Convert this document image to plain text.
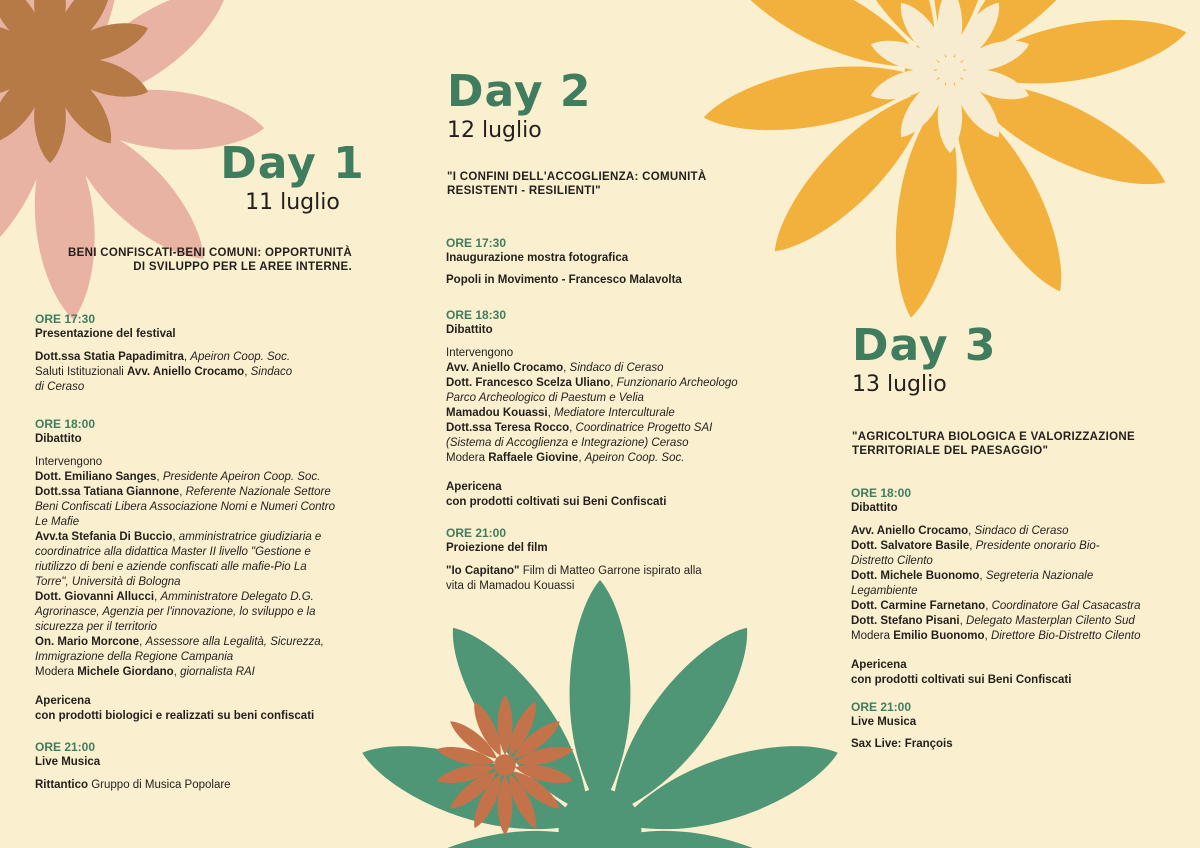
Day 1
11 luglio
BENI CONFISCATI-BENI COMUNI: OPPORTUNITÀ
DI SVILUPPO PER LE AREE INTERNE.
ORE 17:30
Presentazione del festival
Dott.ssa Statia Papadimitra, Apeiron Coop. Soc.
Saluti Istituzionali Avv. Aniello Crocamo, Sindaco
di Ceraso
ORE 18:00
Dibattito
Intervengono
Dott. Emiliano Sanges, Presidente Apeiron Coop. Soc.
Dott.ssa Tatiana Giannone, Referente Nazionale Settore
Beni Confiscati Libera Associazione Nomi e Numeri Contro
Le Mafie
Avv.ta Stefania Di Buccio, amministratrice giudiziaria e
coordinatrice alla didattica Master II livello "Gestione e
riutilizzo di beni e aziende confiscati alle mafie-Pio La
Torre", Università di Bologna
Dott. Giovanni Allucci, Amministratore Delegato D.G.
Agrorinasce, Agenzia per l'innovazione, lo sviluppo e la
sicurezza per il territorio
On. Mario Morcone, Assessore alla Legalità, Sicurezza,
Immigrazione della Regione Campania
Modera Michele Giordano, giornalista RAI
Apericena
con prodotti biologici e realizzati su beni confiscati
ORE 21:00
Live Musica
Rittantico Gruppo di Musica Popolare
Day 2
12 luglio
"I CONFINI DELL'ACCOGLIENZA: COMUNITÀ
RESISTENTI - RESILIENTI"
ORE 17:30
Inaugurazione mostra fotografica
Popoli in Movimento - Francesco Malavolta
ORE 18:30
Dibattito
Intervengono
Avv. Aniello Crocamo, Sindaco di Ceraso
Dott. Francesco Scelza Uliano, Funzionario Archeologo
Parco Archeologico di Paestum e Velia
Mamadou Kouassi, Mediatore Interculturale
Dott.ssa Teresa Rocco, Coordinatrice Progetto SAI
(Sistema di Accoglienza e Integrazione) Ceraso
Modera Raffaele Giovine, Apeiron Coop. Soc.
Apericena
con prodotti coltivati sui Beni Confiscati
ORE 21:00
Proiezione del film
"Io Capitano" Film di Matteo Garrone ispirato alla
vita di Mamadou Kouassi
Day 3
13 luglio
"AGRICOLTURA BIOLOGICA E VALORIZZAZIONE
TERRITORIALE DEL PAESAGGIO"
ORE 18:00
Dibattito
Avv. Aniello Crocamo, Sindaco di Ceraso
Dott. Salvatore Basile, Presidente onorario Bio-
Distretto Cilento
Dott. Michele Buonomo, Segreteria Nazionale
Legambiente
Dott. Carmine Farnetano, Coordinatore Gal Casacastra
Dott. Stefano Pisani, Delegato Masterplan Cilento Sud
Modera Emilio Buonomo, Direttore Bio-Distretto Cilento
Apericena
con prodotti coltivati sui Beni Confiscati
ORE 21:00
Live Musica
Sax Live: François
